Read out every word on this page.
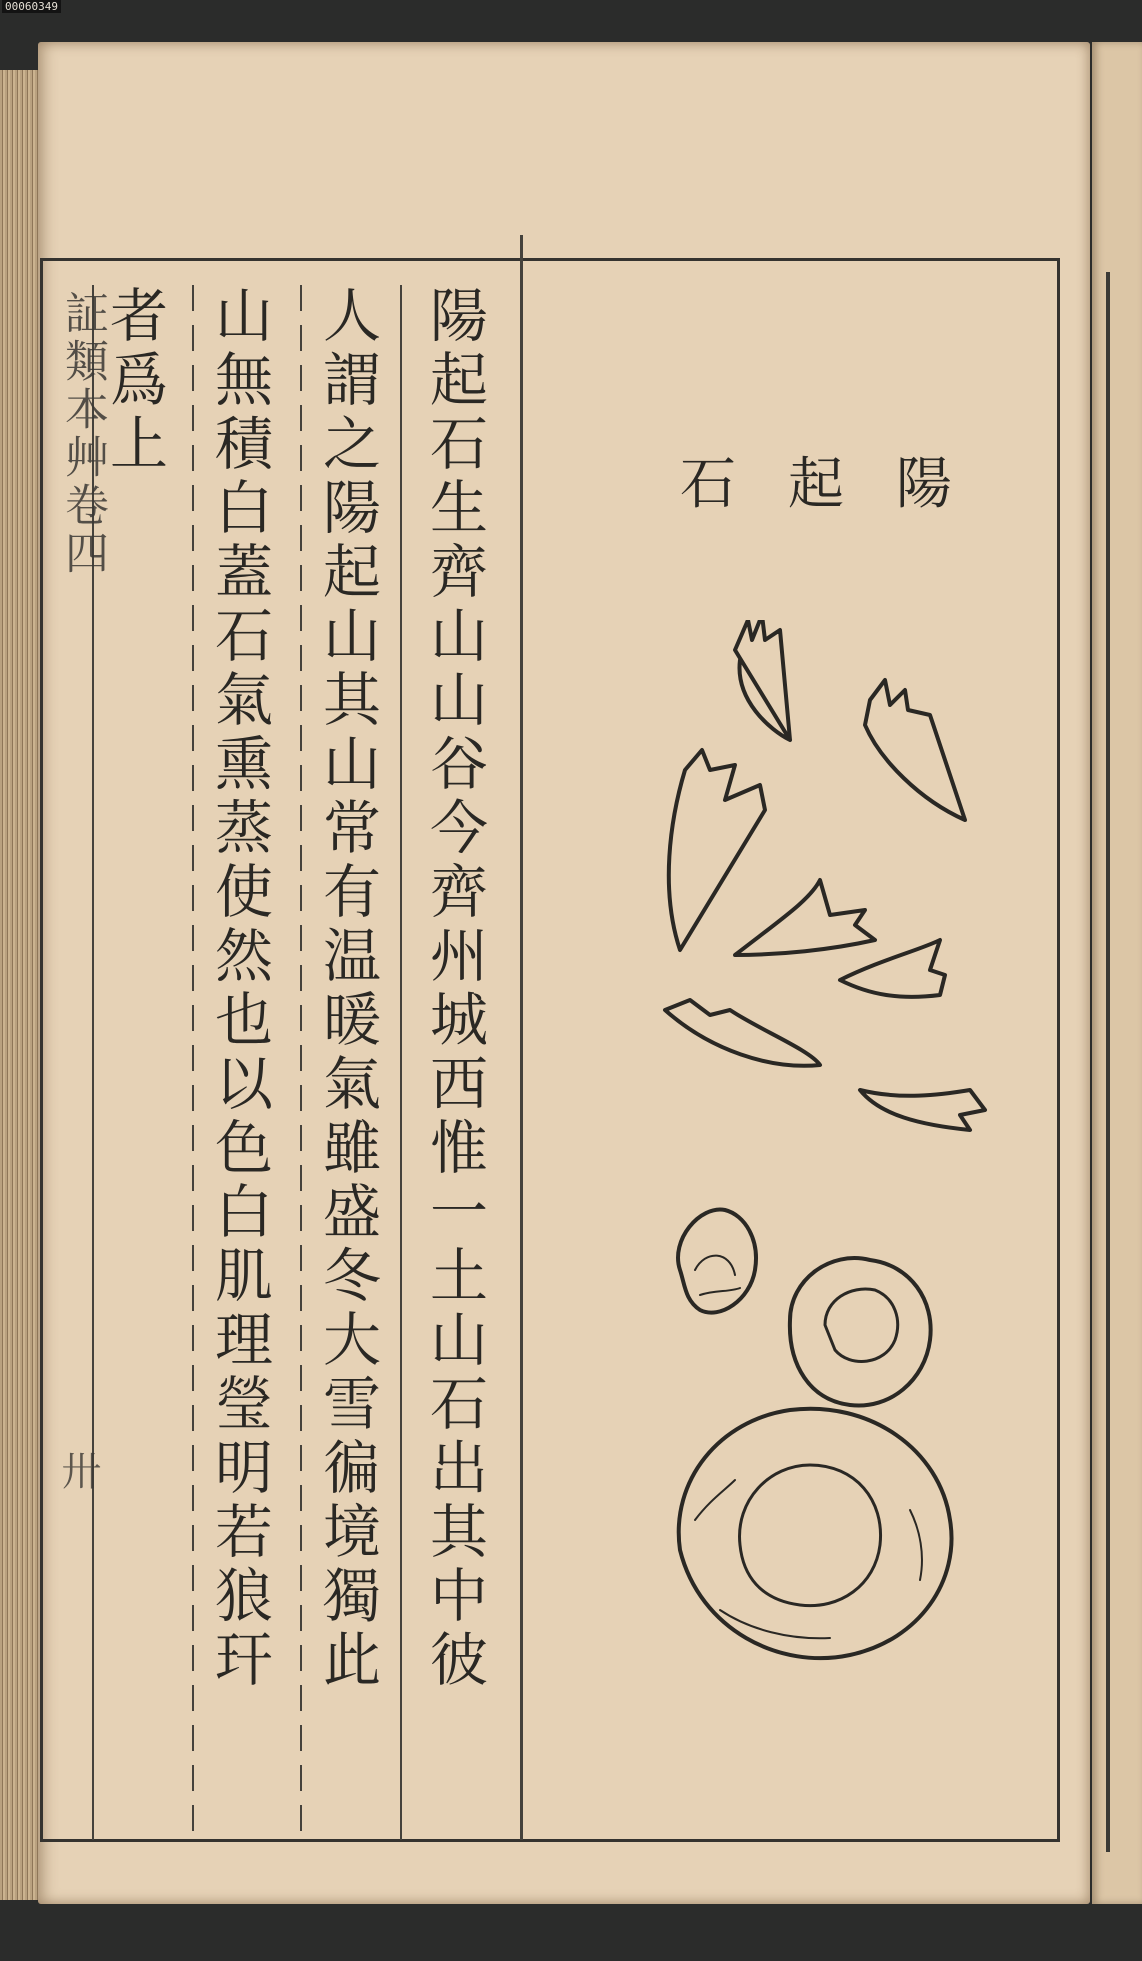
00060349
陽起石生齊山山谷今齊州城西惟一土山石出其中彼
人謂之陽起山其山常有温暖氣雖盛冬大雪徧境獨此
山無積白蓋石氣熏蒸使然也以色白肌理瑩明若狼玕
者爲上
証類本艸卷四
卅
陽起石
